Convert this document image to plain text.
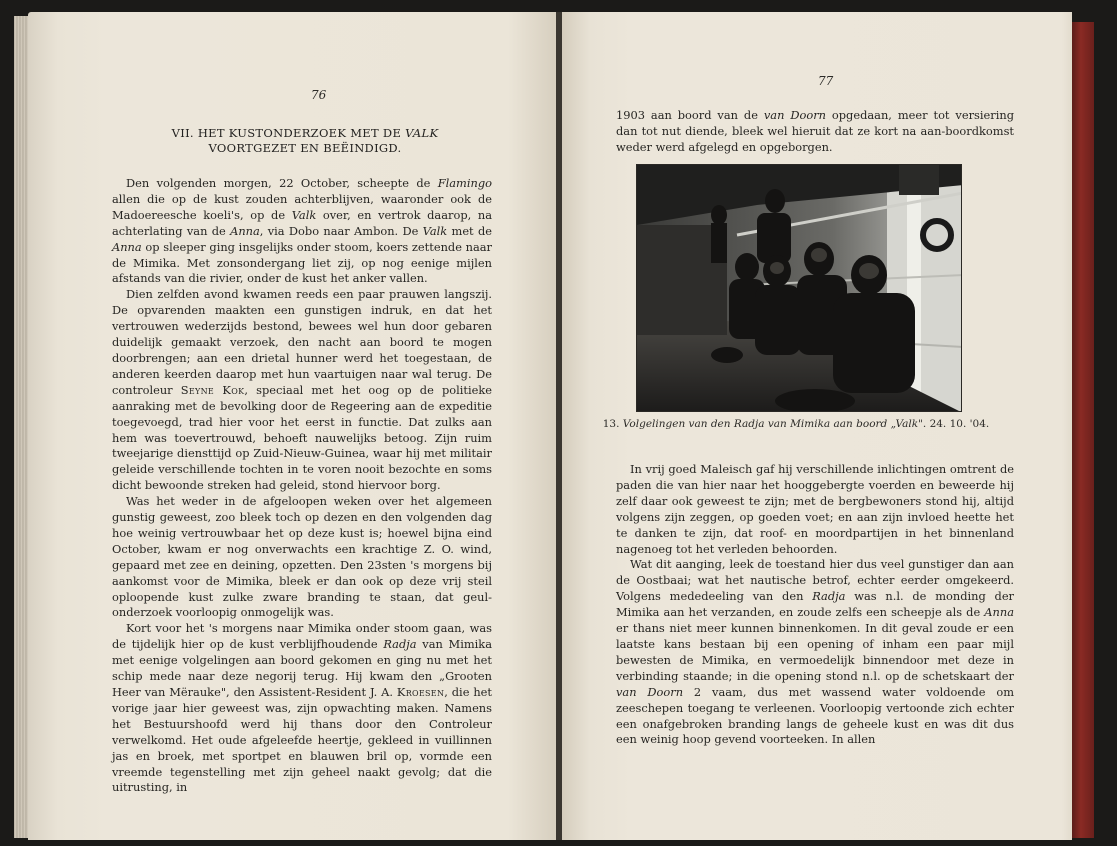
76
VII. HET KUSTONDERZOEK MET DE VALK
VOORTGEZET EN BEËINDIGD.

Den volgenden morgen, 22 October, scheepte de Flamingo allen die op de kust zouden achterblijven, waaronder ook de Madoereesche koeli's, op de Valk over, en vertrok daarop, na achterlating van de Anna, via Dobo naar Ambon. De Valk met de Anna op sleeper ging insgelijks onder stoom, koers zettende naar de Mimika. Met zonsondergang liet zij, op nog eenige mijlen afstands van die rivier, onder de kust het anker vallen.

Dien zelfden avond kwamen reeds een paar prauwen langszij. De opvarenden maakten een gunstigen indruk, en dat het vertrouwen wederzijds bestond, bewees wel hun door gebaren duidelijk gemaakt verzoek, den nacht aan boord te mogen doorbrengen; aan een drietal hunner werd het toegestaan, de anderen keerden daarop met hun vaartuigen naar wal terug. De controleur Seyne Kok, speciaal met het oog op de politieke aanraking met de bevolking door de Regeering aan de expeditie toegevoegd, trad hier voor het eerst in functie. Dat zulks aan hem was toevertrouwd, behoeft nauwelijks betoog. Zijn ruim tweejarige diensttijd op Zuid-Nieuw-Guinea, waar hij met militair geleide verschillende tochten in te voren nooit bezochte en soms dicht bewoonde streken had geleid, stond hiervoor borg.

Was het weder in de afgeloopen weken over het algemeen gunstig geweest, zoo bleek toch op dezen en den volgenden dag hoe weinig vertrouwbaar het op deze kust is; hoewel bijna eind October, kwam er nog onverwachts een krachtige Z. O. wind, gepaard met zee en deining, opzetten. Den 23sten 's morgens bij aankomst voor de Mimika, bleek er dan ook op deze vrij steil oploopende kust zulke zware branding te staan, dat geul-onderzoek voorloopig onmogelijk was.

Kort voor het 's morgens naar Mimika onder stoom gaan, was de tijdelijk hier op de kust verblijfhoudende Radja van Mimika met eenige volgelingen aan boord gekomen en ging nu met het schip mede naar deze negorij terug. Hij kwam den „Grooten Heer van Mërauke", den Assistent-Resident J. A. Kroesen, die het vorige jaar hier geweest was, zijn opwachting maken. Namens het Bestuurshoofd werd hij thans door den Controleur verwelkomd. Het oude afgeleefde heertje, gekleed in vuillinnen jas en broek, met sportpet en blauwen bril op, vormde een vreemde tegenstelling met zijn geheel naakt gevolg; dat die uitrusting, in

77

1903 aan boord van de van Doorn opgedaan, meer tot versiering dan tot nut diende, bleek wel hieruit dat ze kort na aan-boordkomst weder werd afgelegd en opgeborgen.

In vrij goed Maleisch gaf hij verschillende inlichtingen omtrent de paden die van hier naar het hooggebergte voerden en beweerde hij zelf daar ook geweest te zijn; met de bergbewoners stond hij, altijd volgens zijn zeggen, op goeden voet; en aan zijn invloed heette het te danken te zijn, dat roof- en moordpartijen in het binnenland nagenoeg tot het verleden behoorden.

Wat dit aanging, leek de toestand hier dus veel gunstiger dan aan de Oostbaai; wat het nautische betrof, echter eerder omgekeerd. Volgens mededeeling van den Radja was n.l. de monding der Mimika aan het verzanden, en zoude zelfs een scheepje als de Anna er thans niet meer kunnen binnenkomen. In dit geval zoude er een laatste kans bestaan bij een opening of inham een paar mijl bewesten de Mimika, en vermoedelijk binnendoor met deze in verbinding staande; in die opening stond n.l. op de schetskaart der van Doorn 2 vaam, dus met wassend water voldoende om zeeschepen toegang te verleenen. Voorloopig vertoonde zich echter een onafgebroken branding langs de geheele kust en was dit dus een weinig hoop gevend voorteeken. In allen

13. Volgelingen van den Radja van Mimika aan boord „Valk". 24. 10. '04.
